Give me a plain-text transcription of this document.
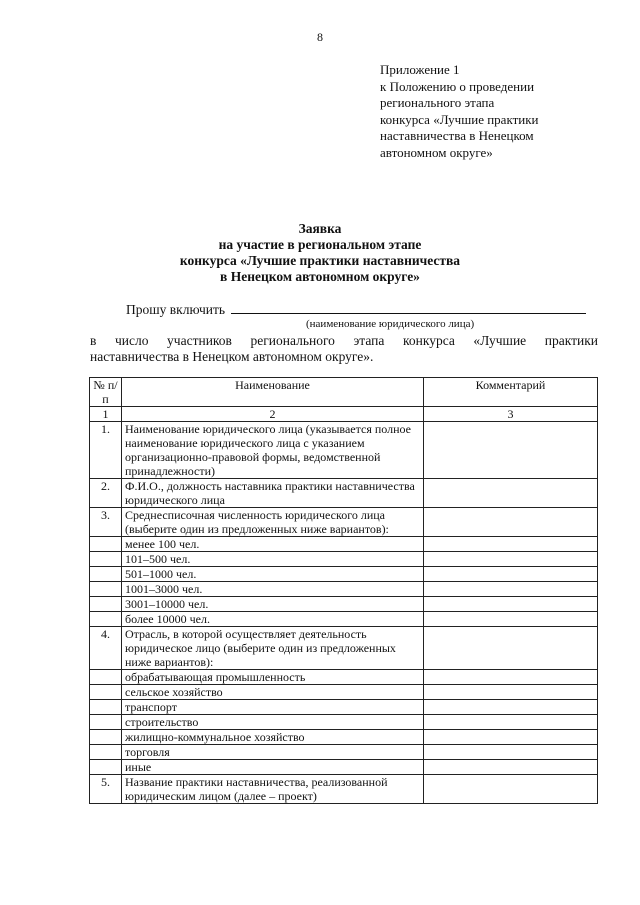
8
Приложение 1
к Положению о проведении
регионального этапа
конкурса «Лучшие практики
наставничества в Ненецком
автономном округе»
Заявка
на участие в региональном этапе
конкурса «Лучшие практики наставничества
в Ненецком автономном округе»
Прошу включить
(наименование юридического лица)
в число участников регионального этапа конкурса «Лучшие практики
наставничества в Ненецком автономном округе».
№ п/п	Наименование	Комментарий
1	2	3
1.	Наименование юридического лица (указывается полное наименование юридического лица с указанием организационно-правовой формы, ведомственной принадлежности)	
2.	Ф.И.О., должность наставника практики наставничества юридического лица	
3.	Среднесписочная численность юридического лица (выберите один из предложенных ниже вариантов):	
	менее 100 чел.	
	101–500 чел.	
	501–1000 чел.	
	1001–3000 чел.	
	3001–10000 чел.	
	более 10000 чел.	
4.	Отрасль, в которой осуществляет деятельность юридическое лицо (выберите один из предложенных ниже вариантов):	
	обрабатывающая промышленность	
	сельское хозяйство	
	транспорт	
	строительство	
	жилищно-коммунальное хозяйство	
	торговля	
	иные	
5.	Название практики наставничества, реализованной юридическим лицом (далее – проект)	
